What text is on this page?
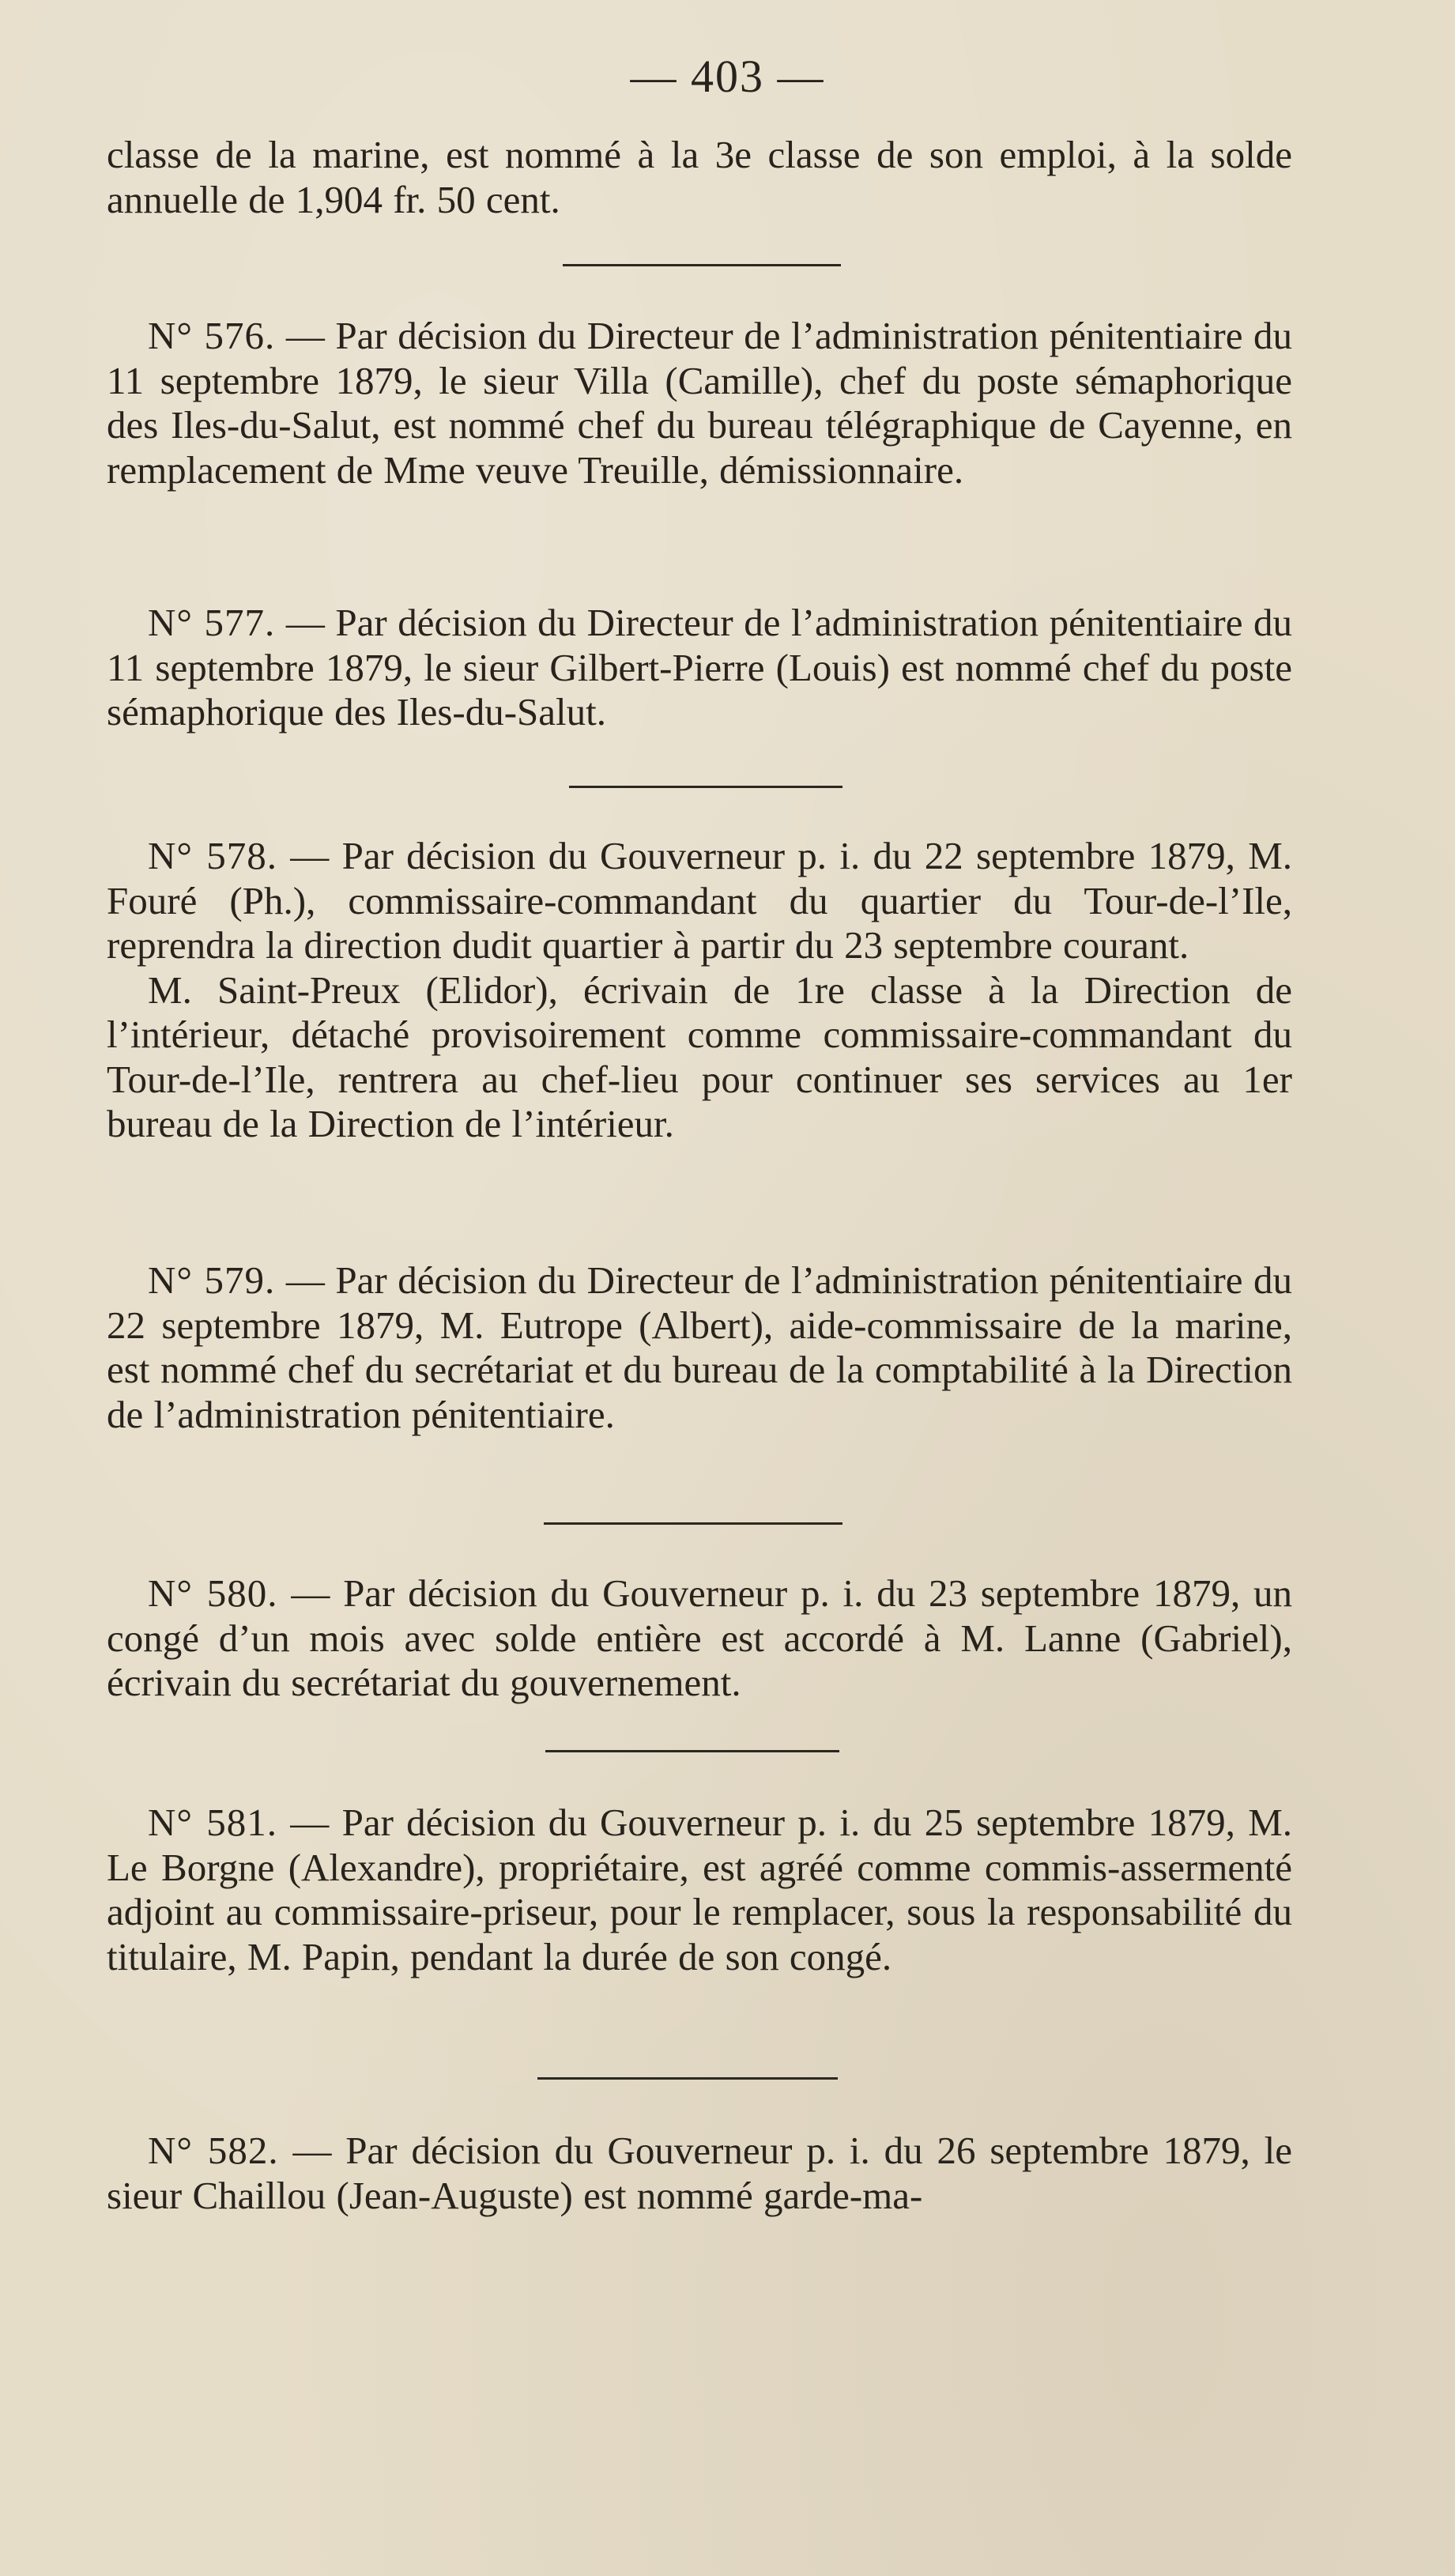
— 403 —

classe de la marine, est nommé à la 3e classe de son emploi, à la solde annuelle de 1,904 fr. 50 cent.

N° 576. — Par décision du Directeur de l’administration pénitentiaire du 11 septembre 1879, le sieur Villa (Camille), chef du poste sémaphorique des Iles-du-Salut, est nommé chef du bureau télégraphique de Cayenne, en remplacement de Mme veuve Treuille, démissionnaire.

N° 577. — Par décision du Directeur de l’administration pénitentiaire du 11 septembre 1879, le sieur Gilbert-Pierre (Louis) est nommé chef du poste sémaphorique des Iles-du-Salut.

N° 578. — Par décision du Gouverneur p. i. du 22 septembre 1879, M. Fouré (Ph.), commissaire-commandant du quartier du Tour-de-l’Ile, reprendra la direction dudit quartier à partir du 23 septembre courant.

M. Saint-Preux (Elidor), écrivain de 1re classe à la Direction de l’intérieur, détaché provisoirement comme commissaire-commandant du Tour-de-l’Ile, rentrera au chef-lieu pour continuer ses services au 1er bureau de la Direction de l’intérieur.

N° 579. — Par décision du Directeur de l’administration pénitentiaire du 22 septembre 1879, M. Eutrope (Albert), aide-commissaire de la marine, est nommé chef du secrétariat et du bureau de la comptabilité à la Direction de l’administration pénitentiaire.

N° 580. — Par décision du Gouverneur p. i. du 23 septembre 1879, un congé d’un mois avec solde entière est accordé à M. Lanne (Gabriel), écrivain du secrétariat du gouvernement.

N° 581. — Par décision du Gouverneur p. i. du 25 septembre 1879, M. Le Borgne (Alexandre), propriétaire, est agréé comme commis-assermenté adjoint au commissaire-priseur, pour le remplacer, sous la responsabilité du titulaire, M. Papin, pendant la durée de son congé.

N° 582. — Par décision du Gouverneur p. i. du 26 septembre 1879, le sieur Chaillou (Jean-Auguste) est nommé garde-ma-
